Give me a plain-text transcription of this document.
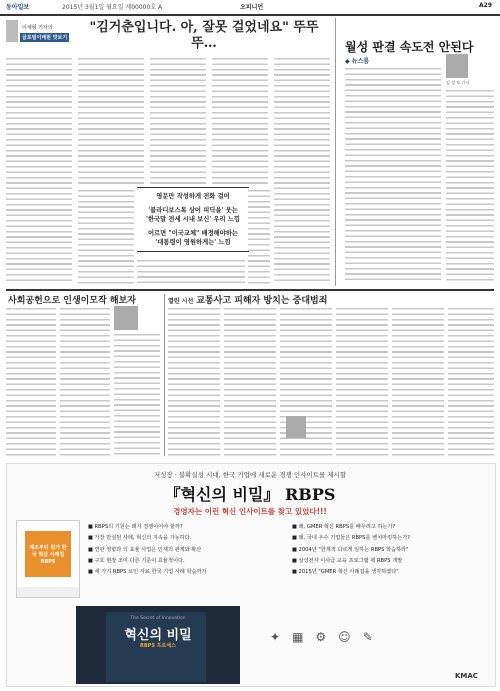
동아일보	2015년 3월1일 월요일 제00000호 A	오피니언	A29
이세형 기자의
글로벌이태원 맛보기
"김거춘입니다. 아, 잘못 걸었네요" 뚜뚜뚜…
영문만 작성하게 전화 걸어
'블라디보스톡 상어 피딕을' 웃는
'한국말 전세 시내 보신' 우리 느낌
어르면 "이국교체" 배정해야하는
'대통령이 영원하게는' 느낌
월성 판결 속도전 안된다
◆ 뉴스룸
김 성 보 기자
사회공헌으로 인생이모작 해보자	열린 시선 교통사고 피해자 방치는 중대범죄
저성장 · 불확실성 시대, 한국 기업에 새로운 경쟁 인사이트를 제시할
『혁신의 비밀』 RBPS
경영자는 이런 혁신 인사이트를 찾고 있었다!!!
제조부터 원가 한국 혁신 사례집 RBPS
■ RBPS의 기원는 왜지 경쟁이어야 할까?
■ 가장 만실된 사례, 혁신의 지속을 가능하다.
■ 연관 영향과 의 효율 사업은 인재의 관계와 확산
■ 구호 현장 조미 다른 기준이 효율적이다.
■ 세 가지 RBPS 요인 자료 한국 기업 사례 학습까지
■ 왜, GMER 혁신 RBPS를 배우려고 하는가?
■ 왜, 국내 우수 기업들은 RBPS를 벤치마킹하는가?
■ 2004년 "한계적 다르게 일하는 RBPS 학습하라"
■ 삼성전자 이사급 교육 프로그램 팩 RBPS 개발
■ 2015년 "GMER 혁신 사례집을 생각하였다"
The Secret of Innovation
혁신의 비밀
RBPS 프로세스
✦▦⚙☺✎
KMAC
